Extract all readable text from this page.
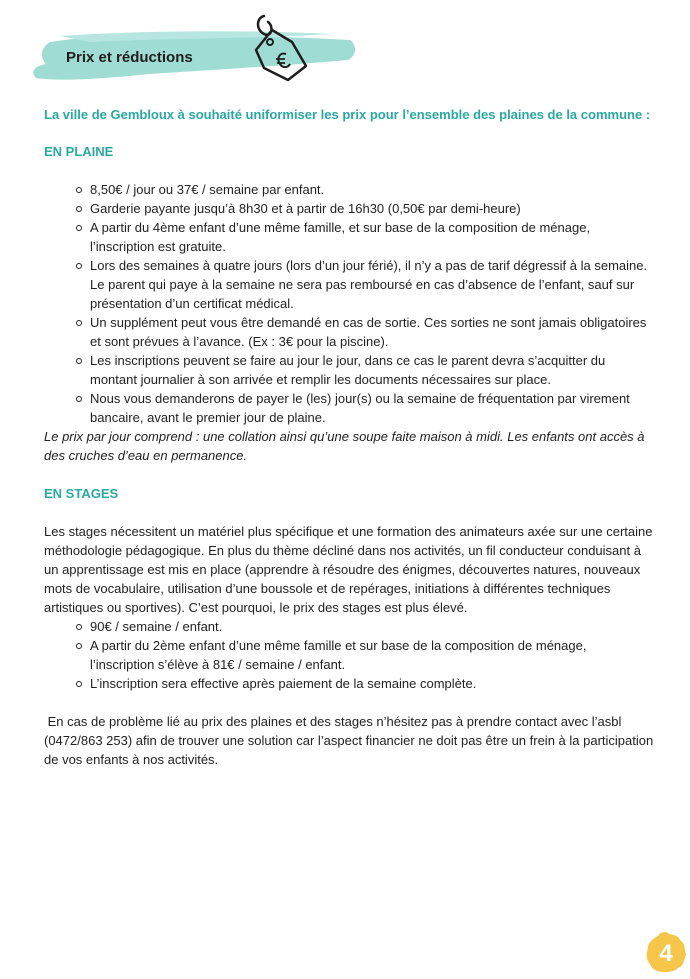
Prix et réductions

La ville de Gembloux à souhaité uniformiser les prix pour l’ensemble des plaines de la commune :

EN PLAINE

8,50€ / jour ou 37€ / semaine par enfant.
Garderie payante jusqu’à 8h30 et à partir de 16h30 (0,50€ par demi-heure)
A partir du 4ème enfant d’une même famille, et sur base de la composition de ménage, l’inscription est gratuite.
Lors des semaines à quatre jours (lors d’un jour férié), il n’y a pas de tarif dégressif à la semaine. Le parent qui paye à la semaine ne sera pas remboursé en cas d’absence de l’enfant, sauf sur présentation d’un certificat médical.
Un supplément peut vous être demandé en cas de sortie. Ces sorties ne sont jamais obligatoires et sont prévues à l’avance. (Ex : 3€ pour la piscine).
Les inscriptions peuvent se faire au jour le jour, dans ce cas le parent devra s’acquitter du montant journalier à son arrivée et remplir les documents nécessaires sur place.
Nous vous demanderons de payer le (les) jour(s) ou la semaine de fréquentation par virement bancaire, avant le premier jour de plaine.

Le prix par jour comprend : une collation ainsi qu’une soupe faite maison à midi. Les enfants ont accès à des cruches d’eau en permanence.

EN STAGES

Les stages nécessitent un matériel plus spécifique et une formation des animateurs axée sur une certaine méthodologie pédagogique. En plus du thème décliné dans nos activités, un fil conducteur conduisant à un apprentissage est mis en place (apprendre à résoudre des énigmes, découvertes natures, nouveaux mots de vocabulaire, utilisation d’une boussole et de repérages, initiations à différentes techniques artistiques ou sportives). C’est pourquoi, le prix des stages est plus élevé.

90€ / semaine / enfant.
A partir du 2ème enfant d’une même famille et sur base de la composition de ménage, l’inscription s’élève à 81€ / semaine / enfant.
L’inscription sera effective après paiement de la semaine complète.

En cas de problème lié au prix des plaines et des stages n’hésitez pas à prendre contact avec l’asbl (0472/863 253) afin de trouver une solution car l’aspect financier ne doit pas être un frein à la participation de vos enfants à nos activités.

4
